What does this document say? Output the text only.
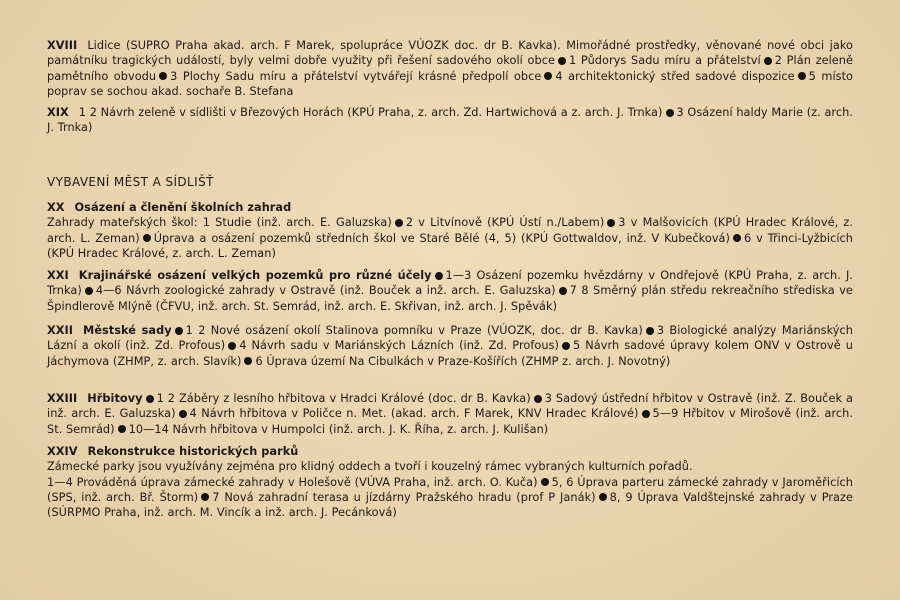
XVIII Lidice (SUPRO Praha akad. arch. F Marek, spolupráce VÚOZK doc. dr B. Kavka). Mimořádné prostředky, věnované nové obci jako památníku tragických událostí, byly velmi dobře využity při řešení sadového okolí obce 1 Půdorys Sadu míru a přátelství 2 Plán zeleně pamětního obvodu 3 Plochy Sadu míru a přátelství vytvářejí krásné předpolí obce 4 architektonický střed sadové dispozice 5 místo poprav se sochou akad. sochaře B. Stefana

XIX 1 2 Návrh zeleně v sídlišti v Březových Horách (KPÚ Praha, z. arch. Zd. Hartwichová a z. arch. J. Trnka) 3 Osázení haldy Marie (z. arch. J. Trnka)

VYBAVENÍ MĚST A SÍDLIŠŤ

XX Osázení a členění školních zahrad

Zahrady mateřských škol: 1 Studie (inž. arch. E. Galuzska) 2 v Litvínově (KPÚ Ústí n./Labem) 3 v Malšovicích (KPÚ Hradec Králové, z. arch. L. Zeman) Úprava a osázení pozemků středních škol ve Staré Bělé (4, 5) (KPÚ Gottwaldov, inž. V Kubečková) 6 v Třinci-Lyžbicích (KPÚ Hradec Králové, z. arch. L. Zeman)

XXI Krajinářské osázení velkých pozemků pro různé účely 1—3 Osázení pozemku hvězdárny v Ondřejově (KPÚ Praha, z. arch. J. Trnka) 4—6 Návrh zoologické zahrady v Ostravě (inž. Bouček a inž. arch. E. Galuzska) 7 8 Směrný plán středu rekreačního střediska ve Špindlerově Mlýně (ČFVU, inž. arch. St. Semrád, inž. arch. E. Skřivan, inž. arch. J. Spěvák)

XXII Městské sady 1 2 Nové osázení okolí Stalinova pomníku v Praze (VÚOZK, doc. dr B. Kavka) 3 Biologické analýzy Mariánských Lázní a okolí (inž. Zd. Profous) 4 Návrh sadu v Mariánských Lázních (inž. Zd. Profous) 5 Návrh sadové úpravy kolem ONV v Ostrově u Jáchymova (ZHMP, z. arch. Slavík) 6 Úprava území Na Cibulkách v Praze-Košířích (ZHMP z. arch. J. Novotný)

XXIII Hřbitovy 1 2 Záběry z lesního hřbitova v Hradci Králové (doc. dr B. Kavka) 3 Sadový ústřední hřbitov v Ostravě (inž. Z. Bouček a inž. arch. E. Galuzska) 4 Návrh hřbitova v Poličce n. Met. (akad. arch. F Marek, KNV Hradec Králové) 5—9 Hřbitov v Mirošově (inž. arch. St. Semrád) 10—14 Návrh hřbitova v Humpolci (inž. arch. J. K. Říha, z. arch. J. Kulišan)

XXIV Rekonstrukce historických parků

Zámecké parky jsou využívány zejména pro klidný oddech a tvoří i kouzelný rámec vybraných kulturních pořadů.

1—4 Prováděná úprava zámecké zahrady v Holešově (VÚVA Praha, inž. arch. O. Kuča) 5, 6 Úprava parteru zámecké zahrady v Jaroměřicích (SPS, inž. arch. Bř. Štorm) 7 Nová zahradní terasa u jízdárny Pražského hradu (prof P Janák) 8, 9 Úprava Valdštejnské zahrady v Praze (SÚRPMO Praha, inž. arch. M. Vincík a inž. arch. J. Pecánková)
